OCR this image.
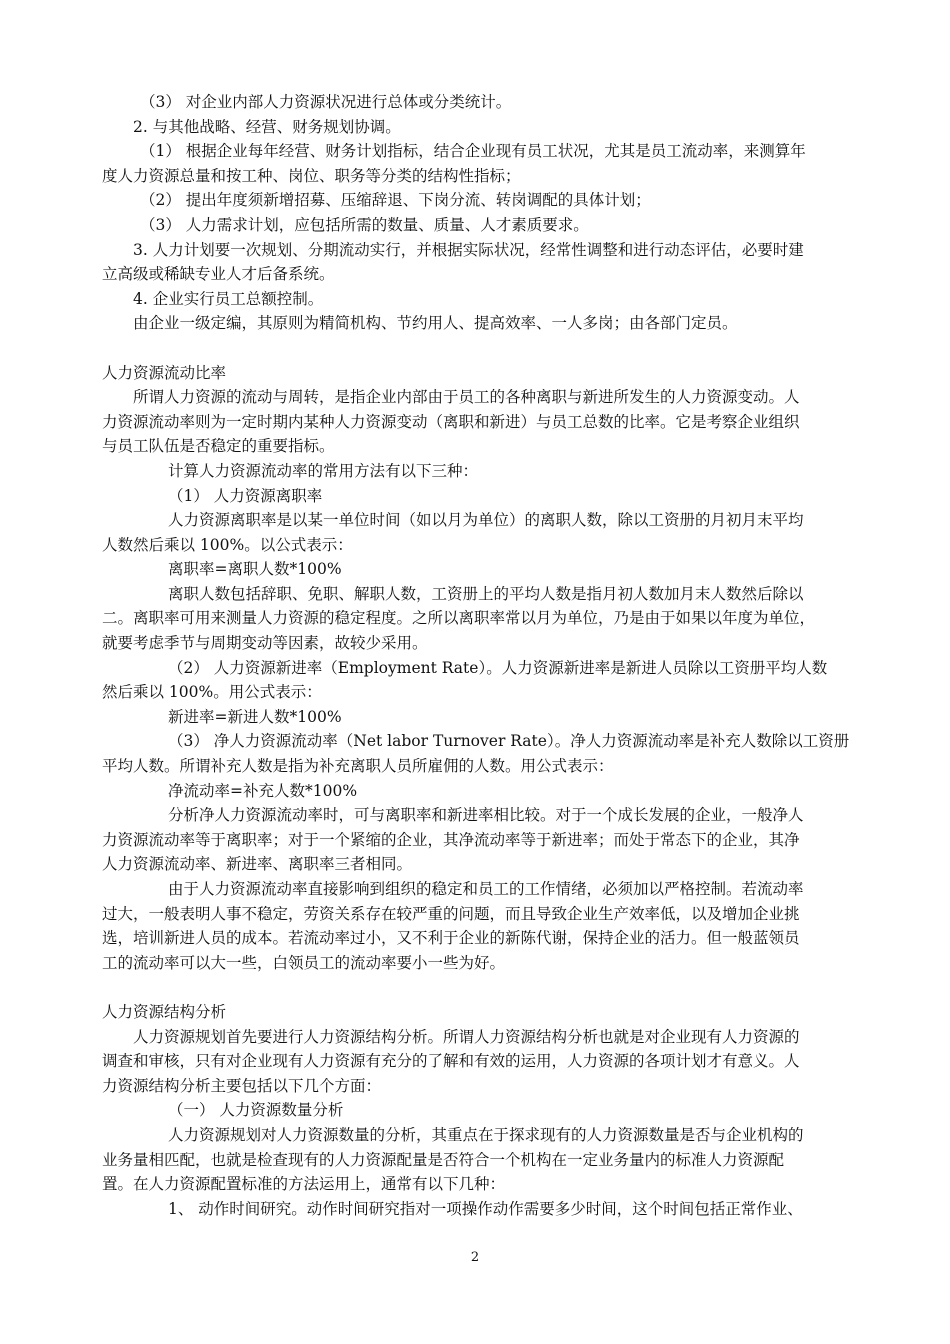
（3） 对企业内部人力资源状况进行总体或分类统计。
2. 与其他战略、经营、财务规划协调。
（1） 根据企业每年经营、财务计划指标，结合企业现有员工状况，尤其是员工流动率，来测算年
度人力资源总量和按工种、岗位、职务等分类的结构性指标；
（2） 提出年度须新增招募、压缩辞退、下岗分流、转岗调配的具体计划；
（3） 人力需求计划，应包括所需的数量、质量、人才素质要求。
3. 人力计划要一次规划、分期流动实行，并根据实际状况，经常性调整和进行动态评估，必要时建
立高级或稀缺专业人才后备系统。
4. 企业实行员工总额控制。
由企业一级定编，其原则为精简机构、节约用人、提高效率、一人多岗；由各部门定员。
人力资源流动比率
所谓人力资源的流动与周转，是指企业内部由于员工的各种离职与新进所发生的人力资源变动。人
力资源流动率则为一定时期内某种人力资源变动（离职和新进）与员工总数的比率。它是考察企业组织
与员工队伍是否稳定的重要指标。
计算人力资源流动率的常用方法有以下三种：
（1） 人力资源离职率
人力资源离职率是以某一单位时间（如以月为单位）的离职人数，除以工资册的月初月末平均
人数然后乘以 100%。以公式表示：
离职率=离职人数*100%
离职人数包括辞职、免职、解职人数，工资册上的平均人数是指月初人数加月末人数然后除以
二。离职率可用来测量人力资源的稳定程度。之所以离职率常以月为单位，乃是由于如果以年度为单位，
就要考虑季节与周期变动等因素，故较少采用。
（2） 人力资源新进率（Employment Rate）。人力资源新进率是新进人员除以工资册平均人数
然后乘以 100%。用公式表示：
新进率=新进人数*100%
（3） 净人力资源流动率（Net labor Turnover Rate）。净人力资源流动率是补充人数除以工资册
平均人数。所谓补充人数是指为补充离职人员所雇佣的人数。用公式表示：
净流动率=补充人数*100%
分析净人力资源流动率时，可与离职率和新进率相比较。对于一个成长发展的企业，一般净人
力资源流动率等于离职率；对于一个紧缩的企业，其净流动率等于新进率；而处于常态下的企业，其净
人力资源流动率、新进率、离职率三者相同。
由于人力资源流动率直接影响到组织的稳定和员工的工作情绪，必须加以严格控制。若流动率
过大，一般表明人事不稳定，劳资关系存在较严重的问题，而且导致企业生产效率低，以及增加企业挑
选，培训新进人员的成本。若流动率过小，又不利于企业的新陈代谢，保持企业的活力。但一般蓝领员
工的流动率可以大一些，白领员工的流动率要小一些为好。
人力资源结构分析
人力资源规划首先要进行人力资源结构分析。所谓人力资源结构分析也就是对企业现有人力资源的
调查和审核，只有对企业现有人力资源有充分的了解和有效的运用，人力资源的各项计划才有意义。人
力资源结构分析主要包括以下几个方面：
（一） 人力资源数量分析
人力资源规划对人力资源数量的分析，其重点在于探求现有的人力资源数量是否与企业机构的
业务量相匹配，也就是检查现有的人力资源配量是否符合一个机构在一定业务量内的标准人力资源配
置。在人力资源配置标准的方法运用上，通常有以下几种：
1、 动作时间研究。动作时间研究指对一项操作动作需要多少时间，这个时间包括正常作业、
2
